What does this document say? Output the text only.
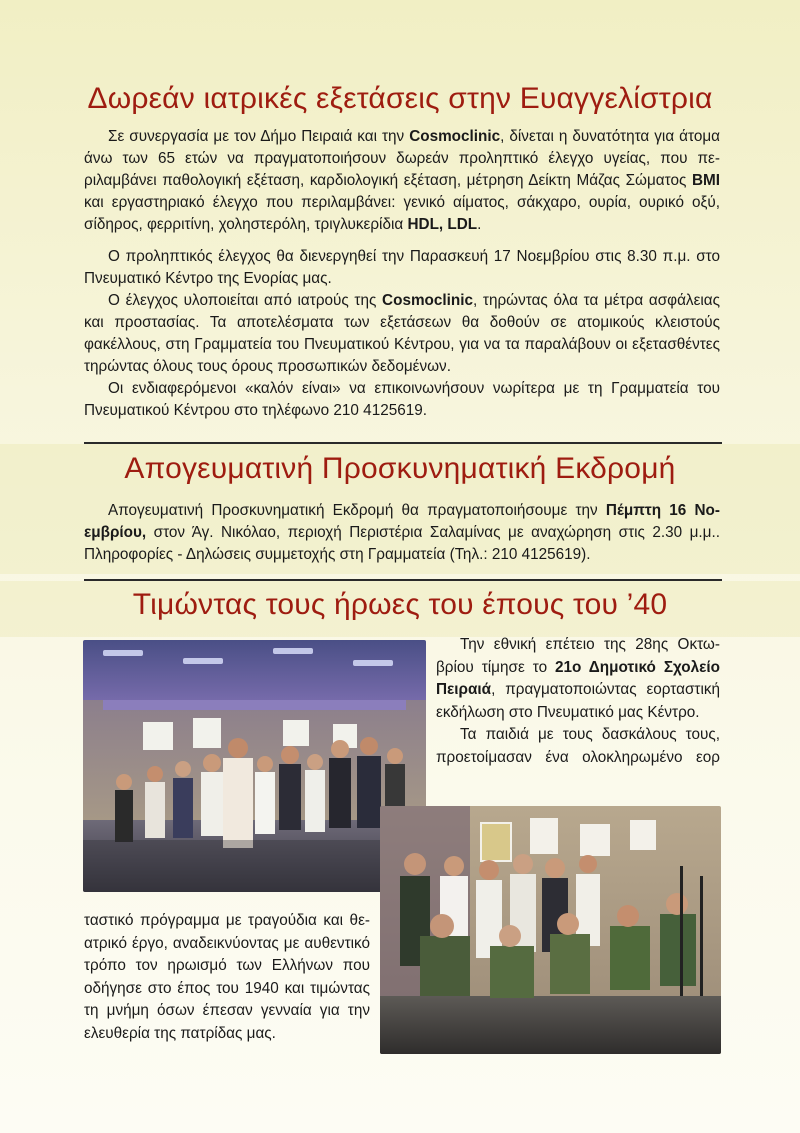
Δωρεάν ιατρικές εξετάσεις στην Ευαγγελίστρια

Σε συνεργασία με τον Δήμο Πειραιά και την Cosmoclinic, δίνεται η δυνατότητα για άτομα άνω των 65 ετών να πραγματοποιήσουν δωρεάν προληπτικό έλεγχο υγείας, που περιλαμβάνει παθολογική εξέταση, καρδιολογική εξέταση, μέτρηση Δείκτη Μάζας Σώματος BMI και εργαστηριακό έλεγχο που περιλαμβάνει: γενικό αίματος, σάκχαρο, ουρία, ουρικό οξύ, σίδηρος, φερριτίνη, χοληστερόλη, τριγλυκερίδια HDL, LDL.

Ο προληπτικός έλεγχος θα διενεργηθεί την Παρασκευή 17 Νοεμβρίου στις 8.30 π.μ. στο Πνευματικό Κέντρο της Ενορίας μας.

Ο έλεγχος υλοποιείται από ιατρούς της Cosmoclinic, τηρώντας όλα τα μέτρα ασφάλειας και προστασίας. Τα αποτελέσματα των εξετάσεων θα δοθούν σε ατομικούς κλειστούς φακέλλους, στη Γραμματεία του Πνευματικού Κέντρου, για να τα παραλάβουν οι εξετασθέντες τηρώντας όλους τους όρους προσωπικών δεδομένων.

Οι ενδιαφερόμενοι «καλόν είναι» να επικοινωνήσουν νωρίτερα με τη Γραμματεία του Πνευματικού Κέντρου στο τηλέφωνο 210 4125619.

Απογευματινή Προσκυνηματική Εκδρομή

Απογευματινή Προσκυνηματική Εκδρομή θα πραγματοποιήσουμε την Πέμπτη 16 Νοεμβρίου, στον Άγ. Νικόλαο, περιοχή Περιστέρια Σαλαμίνας με αναχώρηση στις 2.30 μ.μ.. Πληροφορίες - Δηλώσεις συμμετοχής στη Γραμματεία (Τηλ.: 210 4125619).

Τιμώντας τους ήρωες του έπους του ’40

Την εθνική επέτειο της 28ης Οκτωβρίου τίμησε το 21ο Δημοτικό Σχολείο Πειραιά, πραγματοποιώντας εορταστική εκδήλωση στο Πνευματικό μας Κέντρο.

Τα παιδιά με τους δασκάλους τους, προετοίμασαν ένα ολοκληρωμένο εορ

ταστικό πρόγραμμα με τραγούδια και θεατρικό έργο, αναδεικνύοντας με αυθεντικό τρόπο τον ηρωισμό των Ελλήνων που οδήγησε στο έπος του 1940 και τιμώντας τη μνήμη όσων έπεσαν γενναία για την ελευθερία της πατρίδας μας.
